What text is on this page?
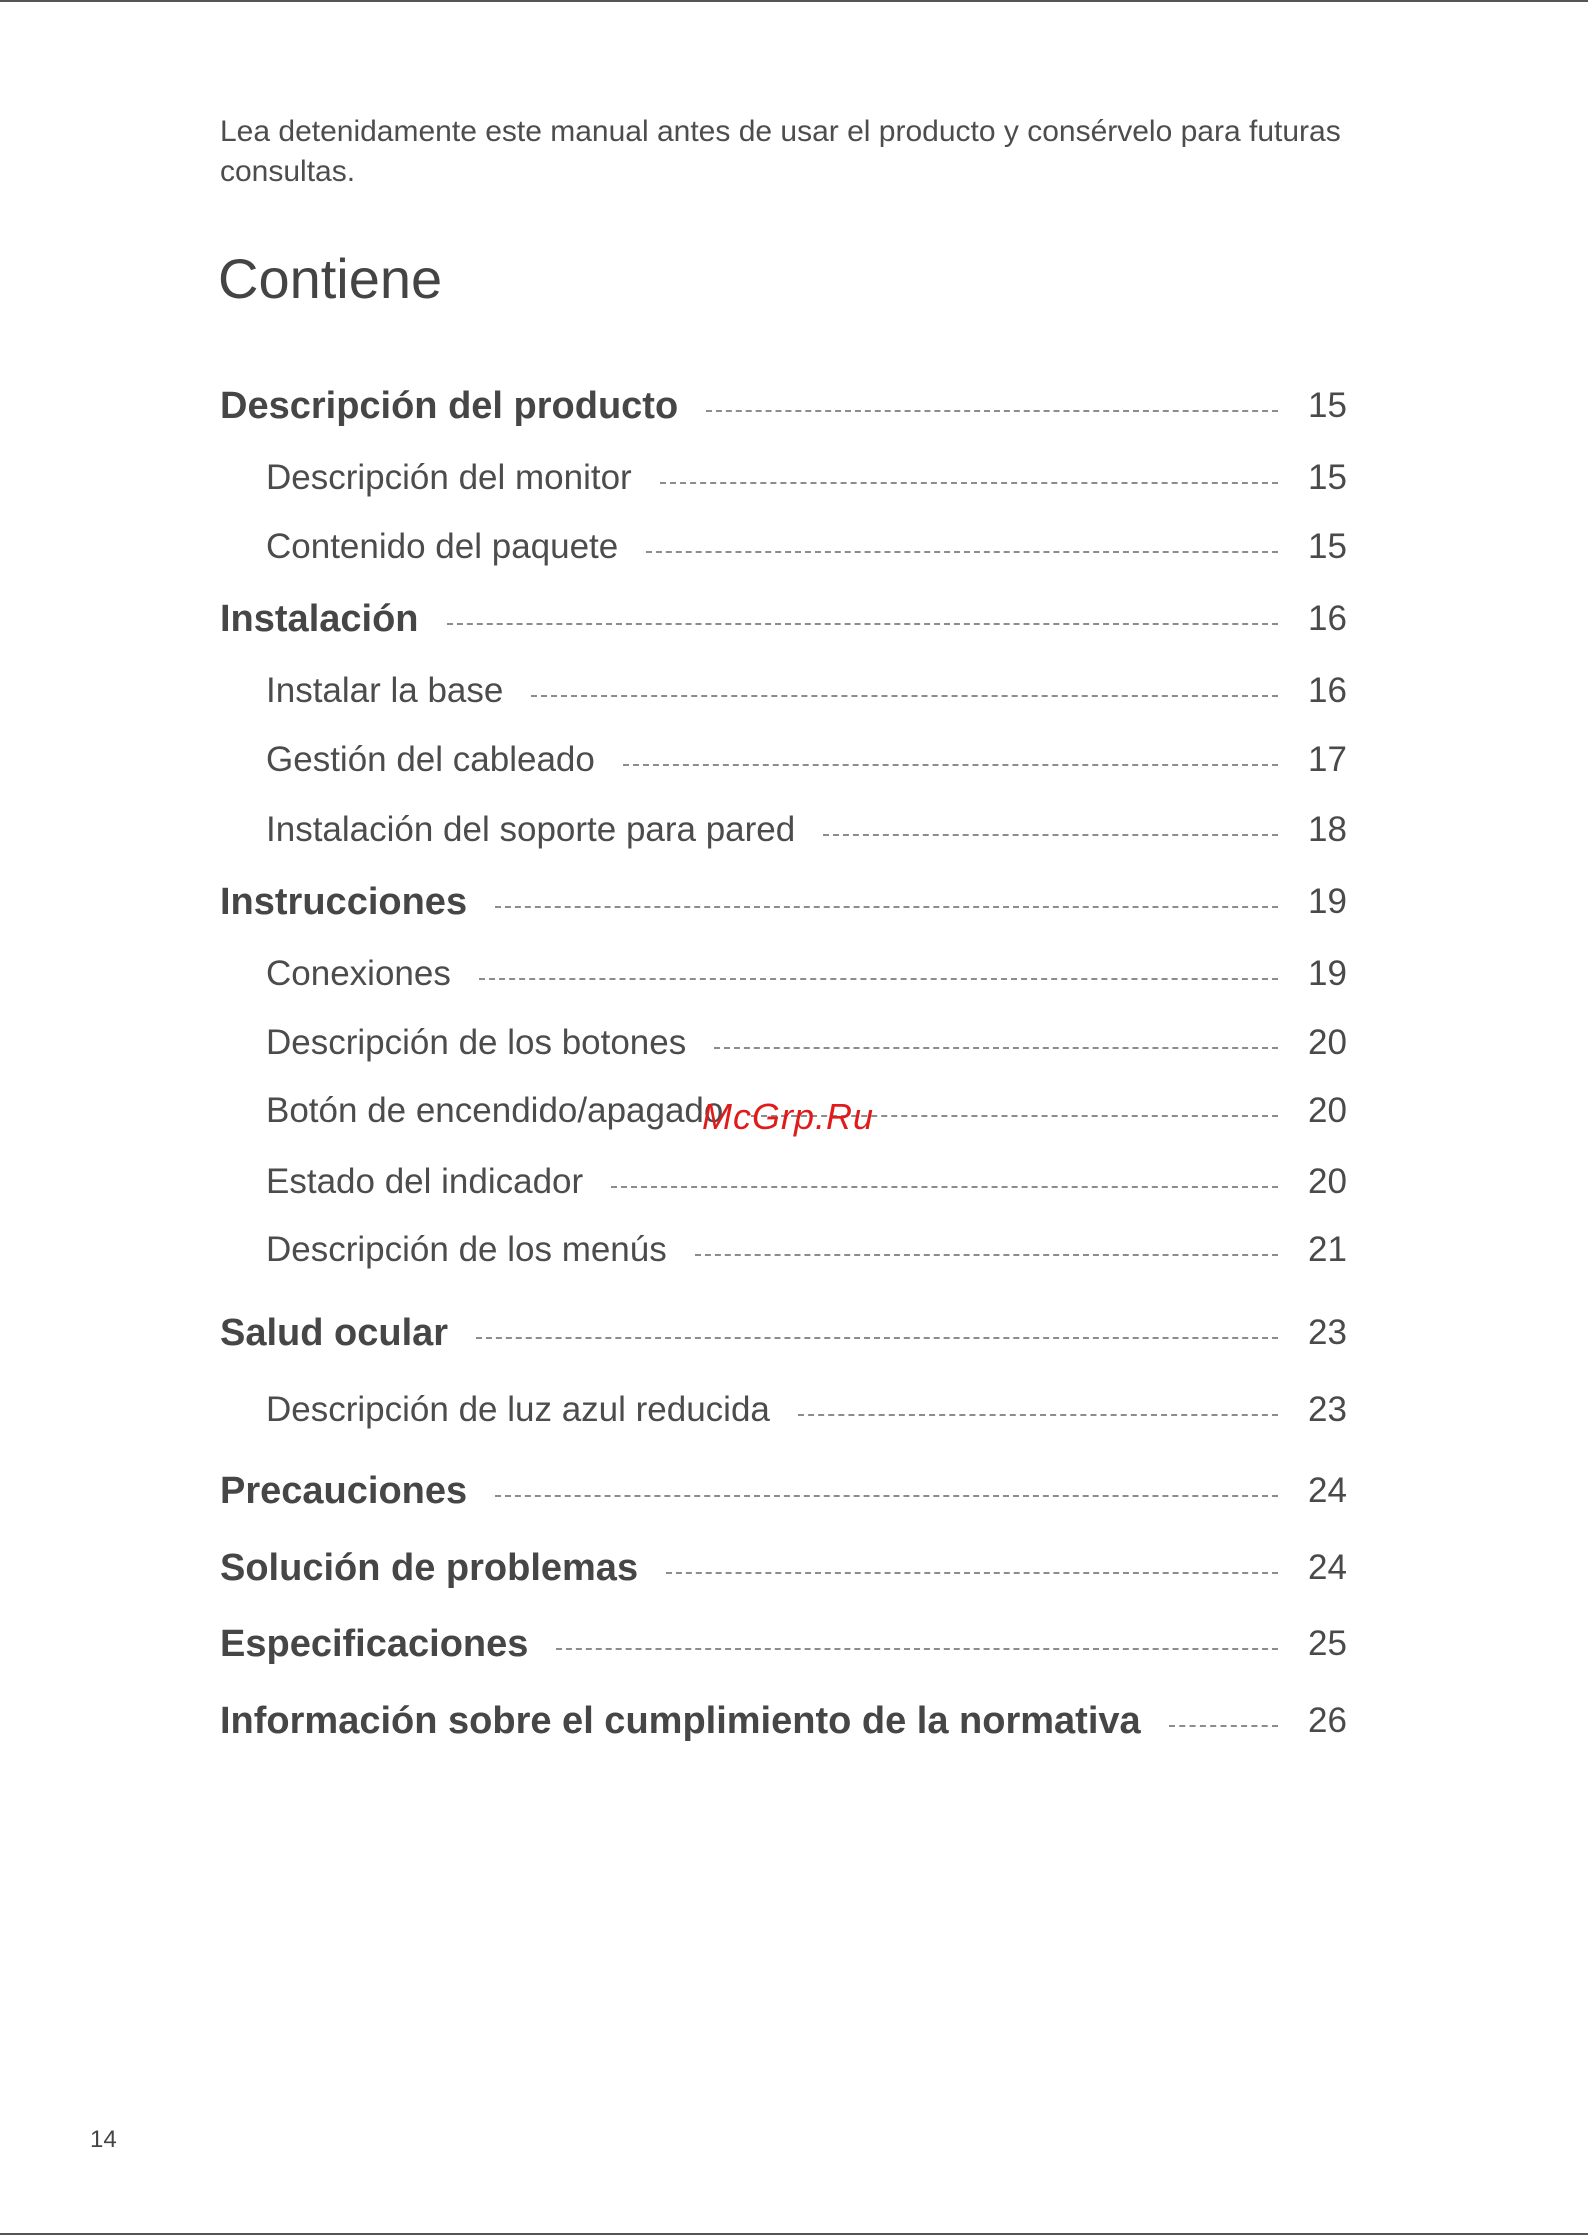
Lea detenidamente este manual antes de usar el producto y consérvelo para futuras consultas.

Contiene
Descripción del producto	15
Descripción del monitor	15
Contenido del paquete	15
Instalación	16
Instalar la base	16
Gestión del cableado	17
Instalación del soporte para pared	18
Instrucciones	19
Conexiones	19
Descripción de los botones	20
Botón de encendido/apagado	20
Estado del indicador	20
Descripción de los menús	21
Salud ocular	23
Descripción de luz azul reducida	23
Precauciones	24
Solución de problemas	24
Especificaciones	25
Información sobre el cumplimiento de la normativa	26
McGrp.Ru
14
